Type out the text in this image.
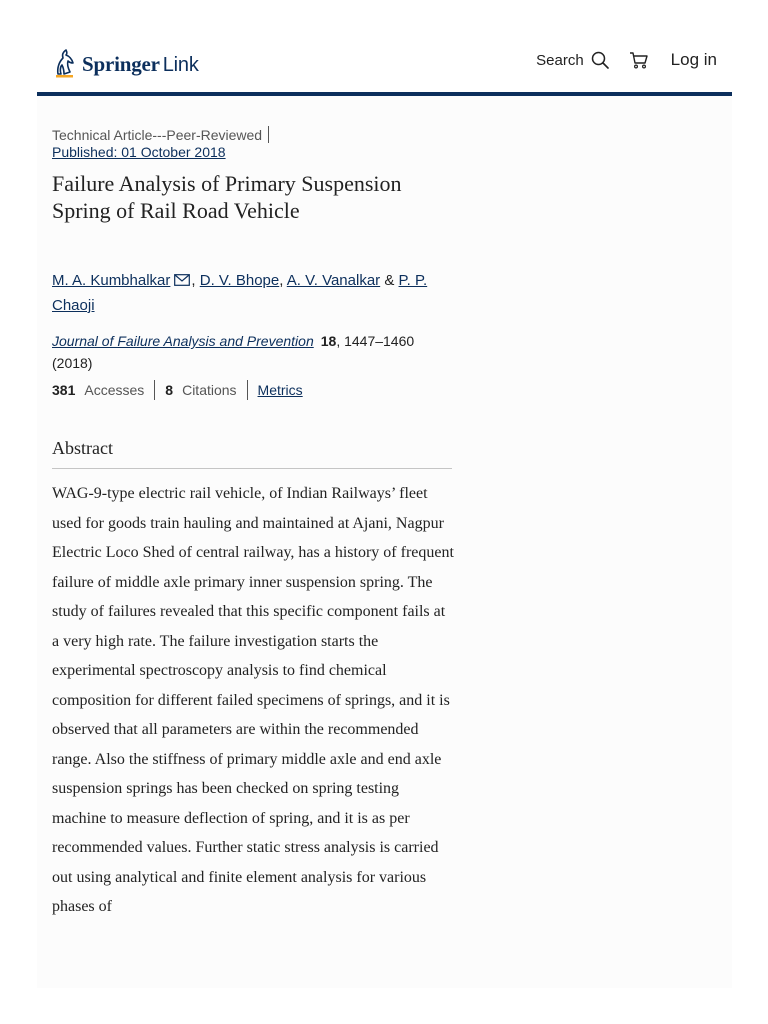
Springer Link	Search	Log in
Technical Article---Peer-Reviewed
Published: 01 October 2018
Failure Analysis of Primary Suspension Spring of Rail Road Vehicle
M. A. Kumbhalkar , D. V. Bhope, A. V. Vanalkar & P. P. Chaoji
Journal of Failure Analysis and Prevention 18, 1447–1460
(2018)
381 Accesses 8 Citations Metrics
Abstract

WAG-9-type electric rail vehicle, of Indian Railways’ fleet used for goods train hauling and maintained at Ajani, Nagpur Electric Loco Shed of central railway, has a history of frequent failure of middle axle primary inner suspension spring. The study of failures revealed that this specific component fails at a very high rate. The failure investigation starts the experimental spectroscopy analysis to find chemical composition for different failed specimens of springs, and it is observed that all parameters are within the recommended range. Also the stiffness of primary middle axle and end axle suspension springs has been checked on spring testing machine to measure deflection of spring, and it is as per recommended values. Further static stress analysis is carried out using analytical and finite element analysis for various phases of
